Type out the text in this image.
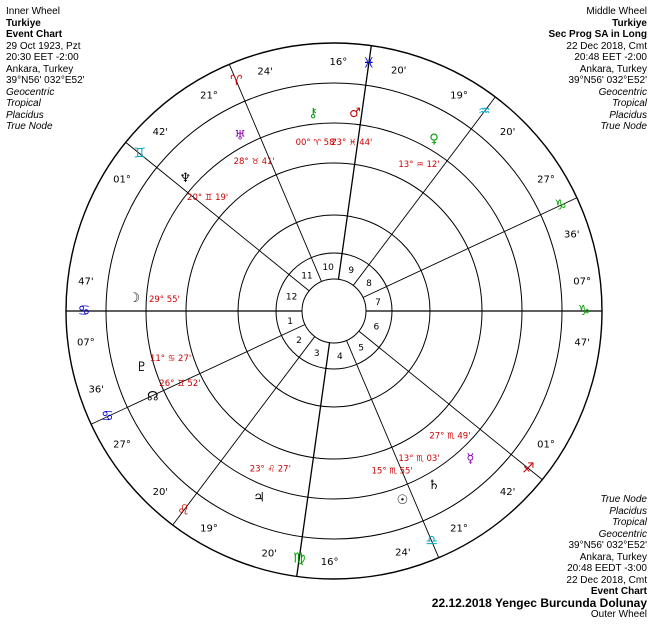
Inner Wheel
Turkiye
Event Chart
29 Oct 1923, Pzt
20:30 EET -2:00
Ankara, Turkey
39°N56' 032°E52'
Geocentric
Tropical
Placidus
True Node
Middle Wheel
Turkiye
Sec Prog SA in Long
22 Dec 2018, Cmt
20:48 EET -2:00
Ankara, Turkey
39°N56' 032°E52'
Geocentric
Tropical
Placidus
True Node
True Node
Placidus
Tropical
Geocentric
39°N56' 032°E52'
Ankara, Turkey
20:48 EEDT -3:00
22 Dec 2018, Cmt
Event Chart
22.12.2018 Yengec Burcunda Dolunay
Outer Wheel
1
2
3 4
5
6
7
8
9
10
11
12
07°
♋
47'
27°
♋
36'
19°
♌
20'
16°
♍
20'
21°
♎
24'
01°
♐
42'
07°
♑
47'
27°
♑
36'
19°
♒
20'
16° ♓ 20'
21°
♈
24'
01°
♊
42'
☽ 29° 55'
♅
28° ♉ 41'
♆
20° ♊ 19'
⚷
00° ♈ 58'
♂
23° ♓ 44'	♀
13° ♒ 12'
☿
27° ♏ 49'
♄
13° ♏ 03'
☉
15° ♏ 55'
♃
23° ♌ 27'
♇
11° ♋ 27'
☊
26° ♊ 52'
